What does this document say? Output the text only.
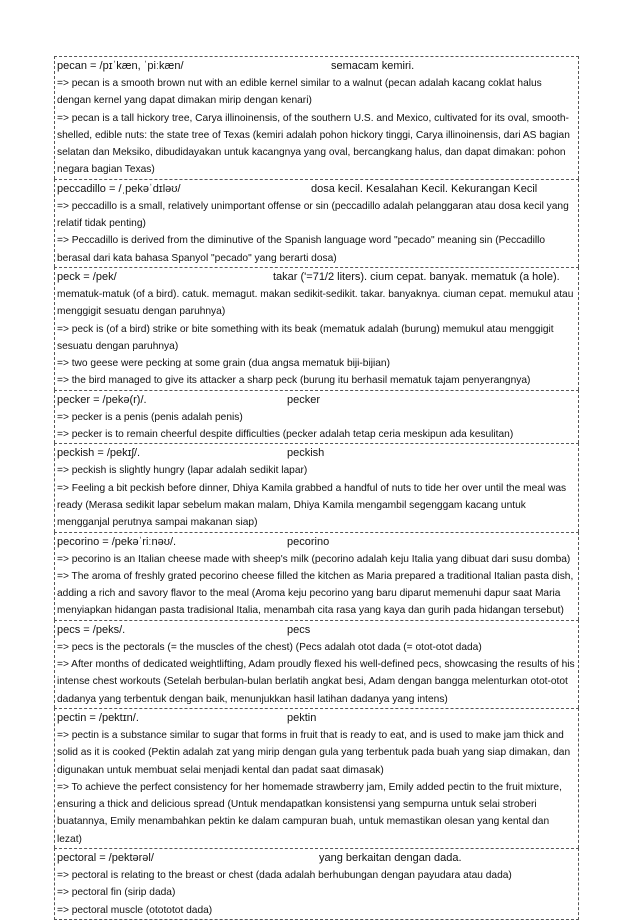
pecan = /pɪˈkæn, ˈpiːkæn/	semacam kemiri.

=> pecan is a smooth brown nut with an edible kernel similar to a walnut (pecan adalah kacang coklat halus dengan kernel yang dapat dimakan mirip dengan kenari)

=> pecan is a tall hickory tree, Carya illinoinensis, of the southern U.S. and Mexico, cultivated for its oval, smooth-shelled, edible nuts: the state tree of Texas (kemiri adalah pohon hickory tinggi, Carya illinoinensis, dari AS bagian selatan dan Meksiko, dibudidayakan untuk kacangnya yang oval, bercangkang halus, dan dapat dimakan: pohon negara bagian Texas)

peccadillo = /ˌpekəˈdɪləʊ/	dosa kecil. Kesalahan Kecil. Kekurangan Kecil

=> peccadillo is a small, relatively unimportant offense or sin (peccadillo adalah pelanggaran atau dosa kecil yang relatif tidak penting)

=> Peccadillo is derived from the diminutive of the Spanish language word "pecado" meaning sin (Peccadillo berasal dari kata bahasa Spanyol "pecado" yang berarti dosa)

peck = /pek/	takar ('=71/2 liters). cium cepat. banyak. mematuk (a hole).

mematuk-matuk (of a bird). catuk. memagut. makan sedikit-sedikit. takar. banyaknya. ciuman cepat. memukul atau menggigit sesuatu dengan paruhnya)

=> peck is (of a bird) strike or bite something with its beak (mematuk adalah (burung) memukul atau menggigit sesuatu dengan paruhnya)

=> two geese were pecking at some grain (dua angsa mematuk biji-bijian)

=> the bird managed to give its attacker a sharp peck (burung itu berhasil mematuk tajam penyerangnya)

pecker = /pekə(r)/.	pecker

=> pecker is a penis (penis adalah penis)

=> pecker is to remain cheerful despite difficulties (pecker adalah tetap ceria meskipun ada kesulitan)

peckish = /pekɪʃ/.	peckish

=> peckish is slightly hungry (lapar adalah sedikit lapar)

=> Feeling a bit peckish before dinner, Dhiya Kamila grabbed a handful of nuts to tide her over until the meal was ready (Merasa sedikit lapar sebelum makan malam, Dhiya Kamila mengambil segenggam kacang untuk mengganjal perutnya sampai makanan siap)

pecorino = /pekəˈriːnəʊ/.	pecorino

=> pecorino is an Italian cheese made with sheep's milk (pecorino adalah keju Italia yang dibuat dari susu domba)

=> The aroma of freshly grated pecorino cheese filled the kitchen as Maria prepared a traditional Italian pasta dish, adding a rich and savory flavor to the meal (Aroma keju pecorino yang baru diparut memenuhi dapur saat Maria menyiapkan hidangan pasta tradisional Italia, menambah cita rasa yang kaya dan gurih pada hidangan tersebut)

pecs = /peks/.	pecs

=> pecs is the pectorals (= the muscles of the chest) (Pecs adalah otot dada (= otot-otot dada)

=> After months of dedicated weightlifting, Adam proudly flexed his well-defined pecs, showcasing the results of his intense chest workouts (Setelah berbulan-bulan berlatih angkat besi, Adam dengan bangga melenturkan otot-otot dadanya yang terbentuk dengan baik, menunjukkan hasil latihan dadanya yang intens)

pectin = /pektɪn/.	pektin

=> pectin is a substance similar to sugar that forms in fruit that is ready to eat, and is used to make jam thick and solid as it is cooked (Pektin adalah zat yang mirip dengan gula yang terbentuk pada buah yang siap dimakan, dan digunakan untuk membuat selai menjadi kental dan padat saat dimasak)

=> To achieve the perfect consistency for her homemade strawberry jam, Emily added pectin to the fruit mixture, ensuring a thick and delicious spread (Untuk mendapatkan konsistensi yang sempurna untuk selai stroberi buatannya, Emily menambahkan pektin ke dalam campuran buah, untuk memastikan olesan yang kental dan lezat)

pectoral = /pektərəl/	yang berkaitan dengan dada.

=> pectoral is relating to the breast or chest (dada adalah berhubungan dengan payudara atau dada)

=> pectoral fin (sirip dada)

=> pectoral muscle (otototot dada)
